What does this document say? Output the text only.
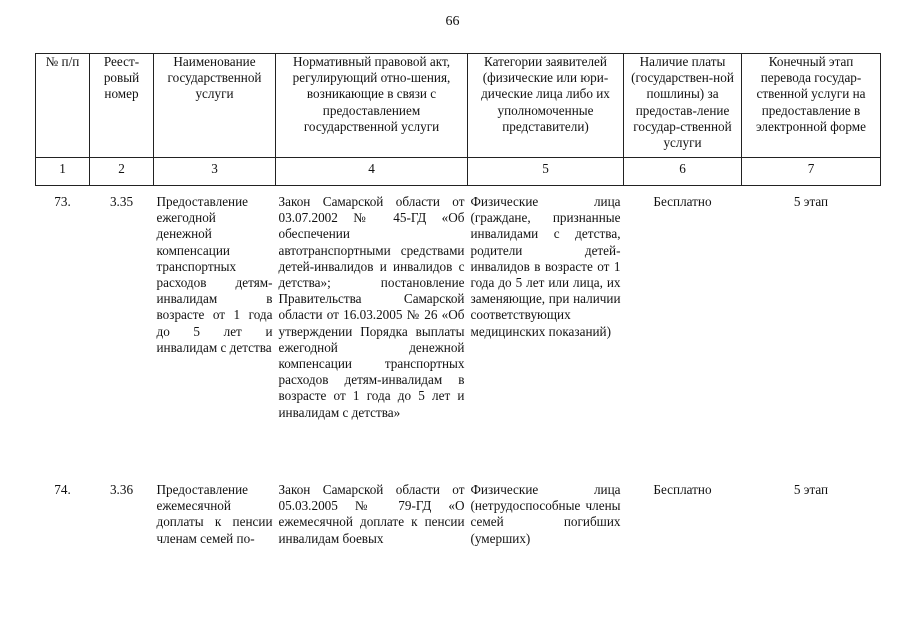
66
№ п/п	Реест-ровый номер	Наименование государственной услуги	Нормативный правовой акт, регулирующий отно-шения, возникающие в связи с предоставлением государственной услуги	Категории заявителей (физические или юри-дические лица либо их уполномоченные представители)	Наличие платы (государствен-ной пошлины) за предостав-ление государ-ственной услуги	Конечный этап перевода государ-ственной услуги на предоставление в электронной форме
1	2	3	4	5	6	7
73.	3.35	Предоставление ежегодной денежной компенсации транспортных расходов детям-инвалидам в возрасте от 1 года до 5 лет и инвалидам с детства	Закон Самарской области от 03.07.2002 № 45-ГД «Об обеспечении автотранспортными средствами детей-инвалидов и инвалидов с детства»; постановление Правительства Самарской области от 16.03.2005 № 26 «Об утверждении Порядка выплаты ежегодной денежной компенсации транспортных расходов детям-инвалидам в возрасте от 1 года до 5 лет и инвалидам с детства»	Физические лица (граждане, признанные инвалидами с детства, родители детей-инвалидов в возрасте от 1 года до 5 лет или лица, их заменяющие, при наличии соответствующих медицинских показаний)	Бесплатно	5 этап
74.	3.36	Предоставление ежемесячной доплаты к пенсии членам семей по-	Закон Самарской области от 05.03.2005 № 79-ГД «О ежемесячной доплате к пенсии инвалидам боевых	Физические лица (нетрудоспособные члены семей погибших (умерших)	Бесплатно	5 этап
